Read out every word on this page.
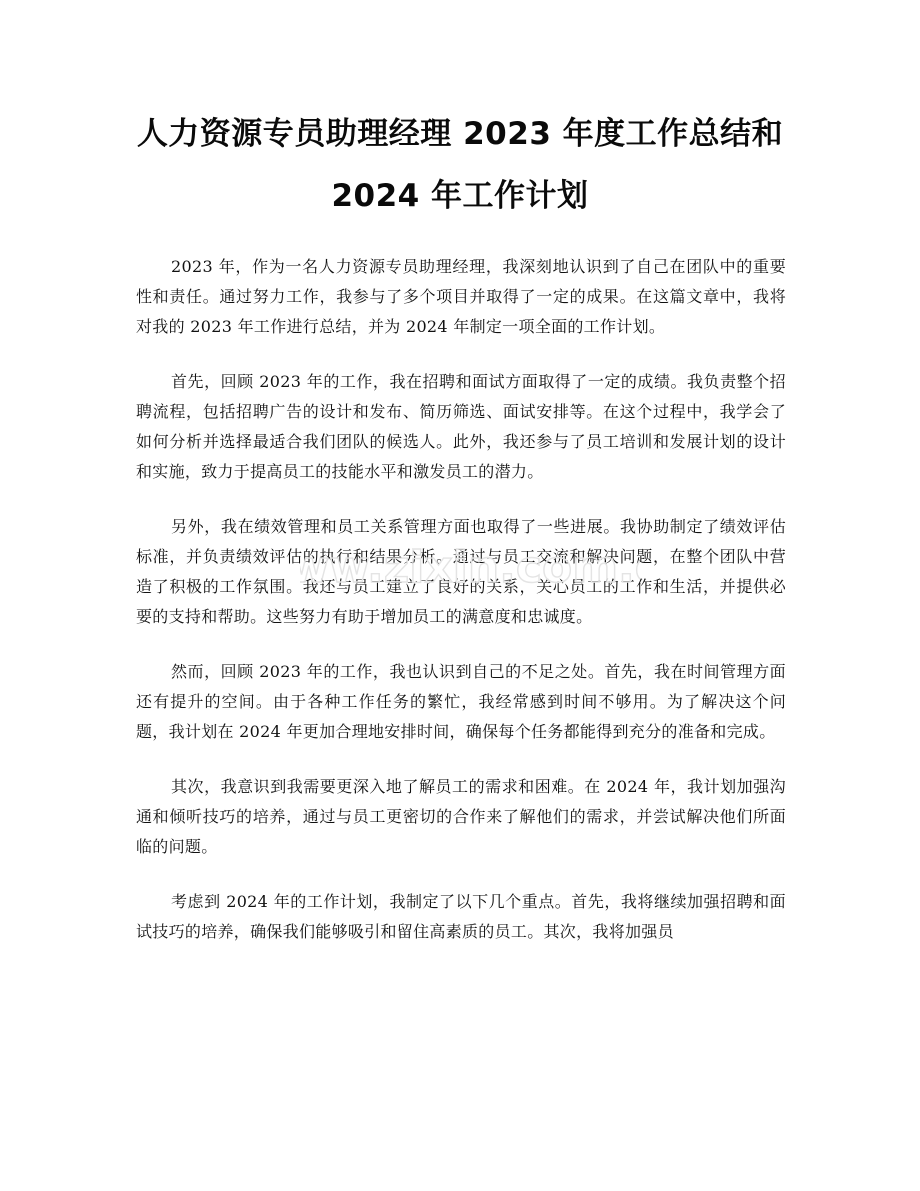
人力资源专员助理经理 2023 年度工作总结和
2024 年工作计划

2023 年，作为一名人力资源专员助理经理，我深刻地认识到了自己在团队中的重要性和责任。通过努力工作，我参与了多个项目并取得了一定的成果。在这篇文章中，我将对我的 2023 年工作进行总结，并为 2024 年制定一项全面的工作计划。

首先，回顾 2023 年的工作，我在招聘和面试方面取得了一定的成绩。我负责整个招聘流程，包括招聘广告的设计和发布、简历筛选、面试安排等。在这个过程中，我学会了如何分析并选择最适合我们团队的候选人。此外，我还参与了员工培训和发展计划的设计和实施，致力于提高员工的技能水平和激发员工的潜力。

另外，我在绩效管理和员工关系管理方面也取得了一些进展。我协助制定了绩效评估标准，并负责绩效评估的执行和结果分析。通过与员工交流和解决问题，在整个团队中营造了积极的工作氛围。我还与员工建立了良好的关系，关心员工的工作和生活，并提供必要的支持和帮助。这些努力有助于增加员工的满意度和忠诚度。

然而，回顾 2023 年的工作，我也认识到自己的不足之处。首先，我在时间管理方面还有提升的空间。由于各种工作任务的繁忙，我经常感到时间不够用。为了解决这个问题，我计划在 2024 年更加合理地安排时间，确保每个任务都能得到充分的准备和完成。

其次，我意识到我需要更深入地了解员工的需求和困难。在 2024 年，我计划加强沟通和倾听技巧的培养，通过与员工更密切的合作来了解他们的需求，并尝试解决他们所面临的问题。

考虑到 2024 年的工作计划，我制定了以下几个重点。首先，我将继续加强招聘和面试技巧的培养，确保我们能够吸引和留住高素质的员工。其次，我将加强员

ww.zixin.com.
